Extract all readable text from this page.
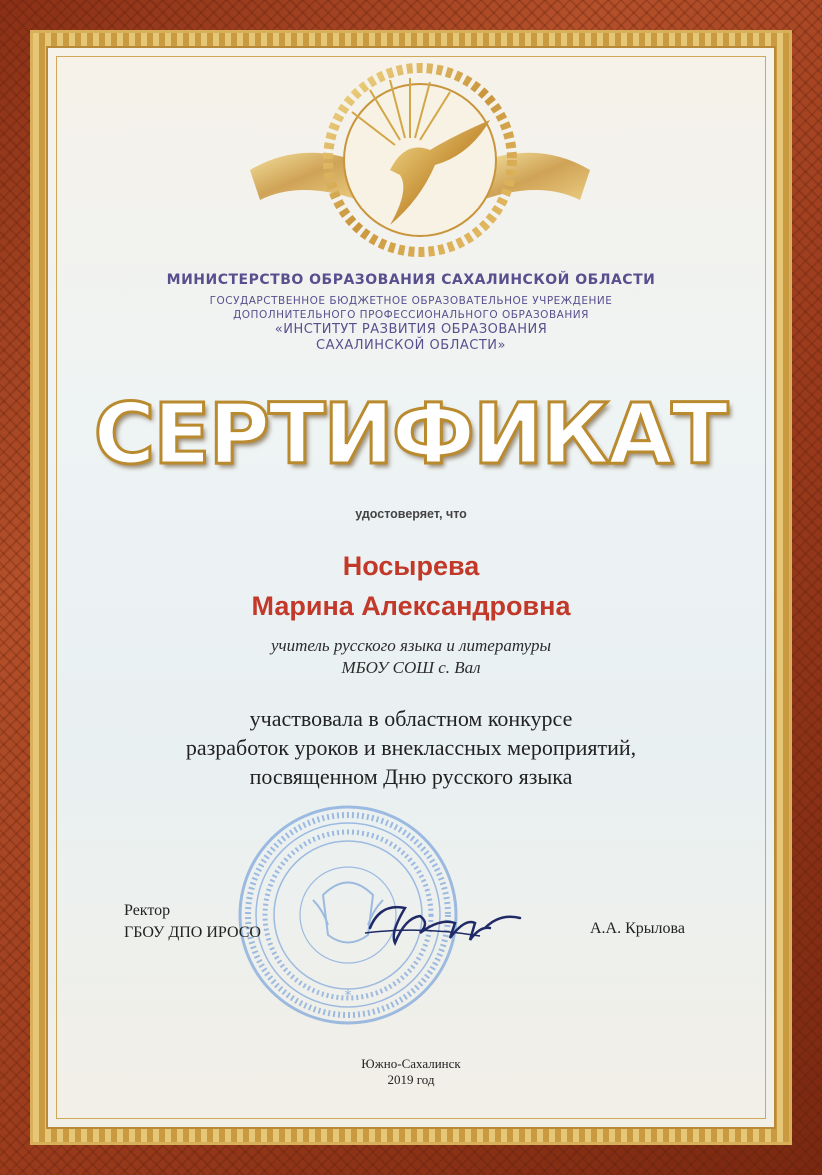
МИНИСТЕРСТВО ОБРАЗОВАНИЯ САХАЛИНСКОЙ ОБЛАСТИ
ГОСУДАРСТВЕННОЕ БЮДЖЕТНОЕ ОБРАЗОВАТЕЛЬНОЕ УЧРЕЖДЕНИЕ
ДОПОЛНИТЕЛЬНОГО ПРОФЕССИОНАЛЬНОГО ОБРАЗОВАНИЯ
«ИНСТИТУТ РАЗВИТИЯ ОБРАЗОВАНИЯ
САХАЛИНСКОЙ ОБЛАСТИ»
СЕРТИФИКАТ
удостоверяет, что
Носырева
Марина Александровна
учитель русского языка и литературы
МБОУ СОШ с. Вал
участвовала в областном конкурсе
разработок уроков и внеклассных мероприятий,
посвященном Дню русского языка
*
Ректор
ГБОУ ДПО ИРОСО	А.А. Крылова
Южно-Сахалинск
2019 год
